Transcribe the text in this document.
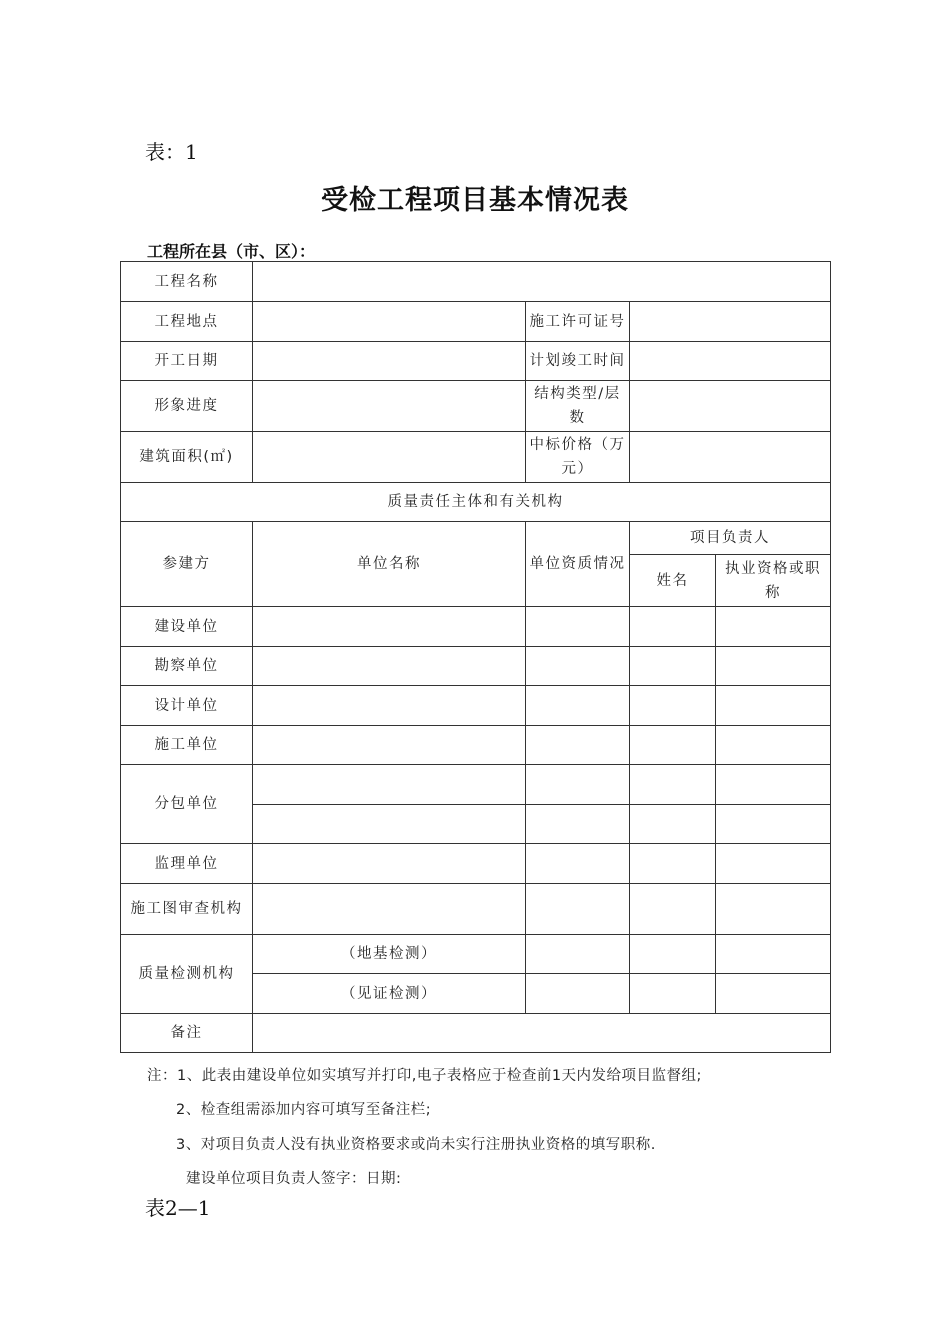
表：1
受检工程项目基本情况表
工程所在县（市、区）：
工程名称				
工程地点		施工许可证号		
开工日期		计划竣工时间		
形象进度		结构类型/层数		
建筑面积(㎡)		中标价格（万元）		
质量责任主体和有关机构				
参建方	单位名称	单位资质情况	项目负责人	
			姓名	执业资格或职称
建设单位				
勘察单位				
设计单位				
施工单位				
分包单位				

监理单位				
施工图审查机构				
质量检测机构	（地基检测）			
	（见证检测）			
备注				
注：1、此表由建设单位如实填写并打印,电子表格应于检查前1天内发给项目监督组;
2、检查组需添加内容可填写至备注栏;
3、对项目负责人没有执业资格要求或尚未实行注册执业资格的填写职称.
建设单位项目负责人签字：日期:
表2—1
